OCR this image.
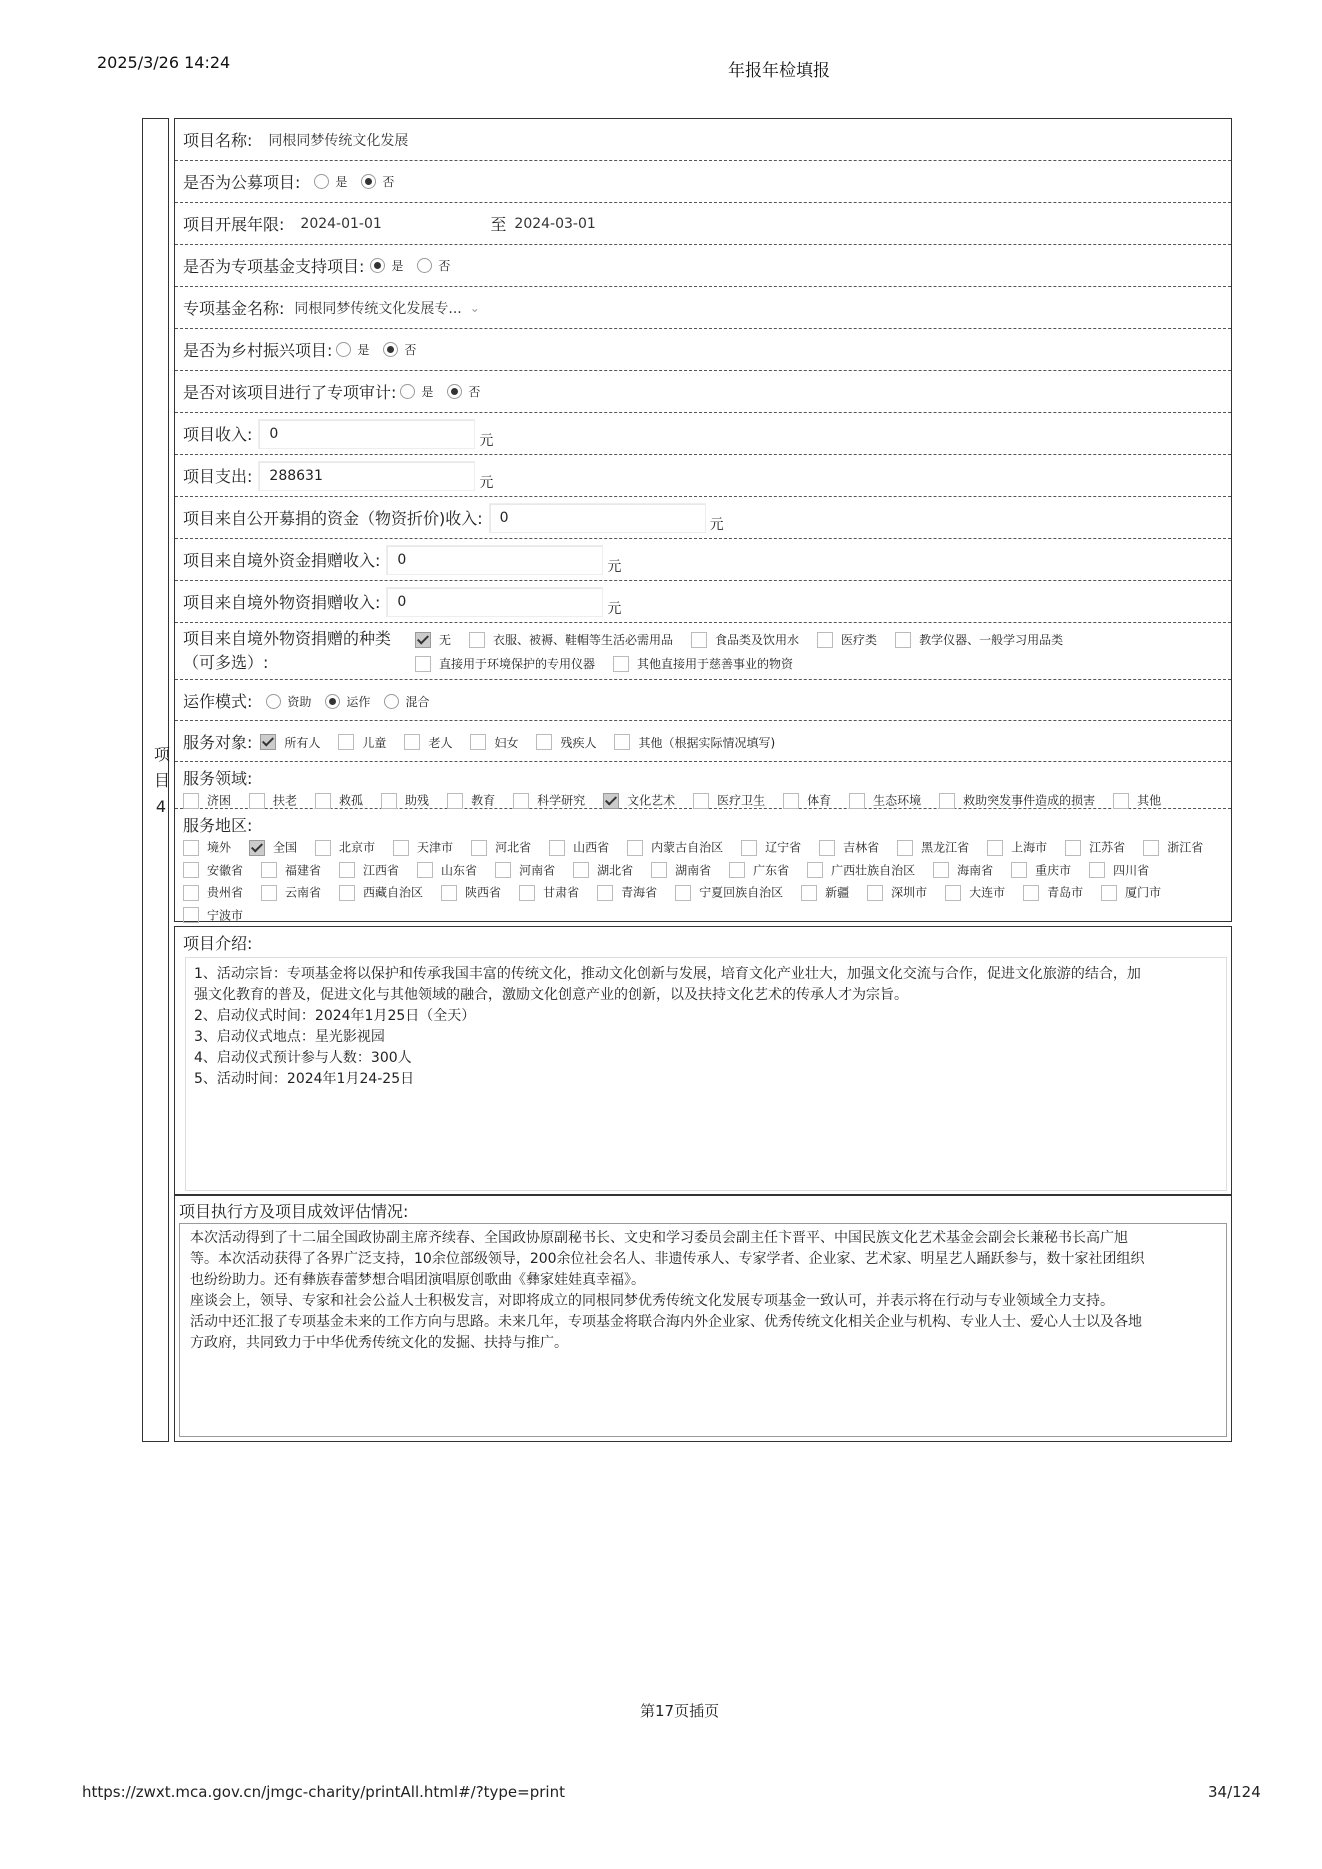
2025/3/26 14:24	年报年检填报
项目名称: 同根同梦传统文化发展
是否为公募项目:	是	否
项目开展年限: 2024-01-01	至 2024-03-01
是否为专项基金支持项目: 是	否
专项基金名称: 同根同梦传统文化发展专... ⌄
是否为乡村振兴项目: 是	否
是否对该项目进行了专项审计: 是	否
项目收入:	0	元
项目支出:	288631	元
项目来自公开募捐的资金（物资折价)收入:	0	元
项目来自境外资金捐赠收入:	0	元
项目来自境外物资捐赠收入:	0	元
项目来自境外物资捐赠的种类
（可多选）:
无	衣服、被褥、鞋帽等生活必需用品	食品类及饮用水	医疗类	教学仪器、一般学习用品类
直接用于环境保护的专用仪器	其他直接用于慈善事业的物资
运作模式:	资助	运作	混合
服务对象:	所有人	儿童	老人	妇女	残疾人	其他（根据实际情况填写)
服务领域:
济困	扶老	救孤	助残	教育	科学研究	文化艺术	医疗卫生	体育	生态环境	救助突发事件造成的损害	其他
服务地区:
境外	全国	北京市	天津市	河北省	山西省	内蒙古自治区	辽宁省	吉林省	黑龙江省	上海市	江苏省	浙江省
安徽省	福建省	江西省	山东省	河南省	湖北省	湖南省	广东省	广西壮族自治区	海南省	重庆市	四川省
贵州省	云南省	西藏自治区	陕西省	甘肃省	青海省	宁夏回族自治区	新疆	深圳市	大连市	青岛市	厦门市
宁波市
项目介绍:
1、活动宗旨：专项基金将以保护和传承我国丰富的传统文化，推动文化创新与发展，培育文化产业壮大，加强文化交流与合作，促进文化旅游的结合，加
强文化教育的普及，促进文化与其他领域的融合，激励文化创意产业的创新，以及扶持文化艺术的传承人才为宗旨。
2、启动仪式时间：2024年1月25日（全天）
3、启动仪式地点：星光影视园
4、启动仪式预计参与人数：300人
5、活动时间：2024年1月24-25日
项目执行方及项目成效评估情况:
本次活动得到了十二届全国政协副主席齐续春、全国政协原副秘书长、文史和学习委员会副主任卞晋平、中国民族文化艺术基金会副会长兼秘书长高广旭
等。本次活动获得了各界广泛支持，10余位部级领导，200余位社会名人、非遗传承人、专家学者、企业家、艺术家、明星艺人踊跃参与，数十家社团组织
也纷纷助力。还有彝族春蕾梦想合唱团演唱原创歌曲《彝家娃娃真幸福》。
座谈会上，领导、专家和社会公益人士积极发言，对即将成立的同根同梦优秀传统文化发展专项基金一致认可，并表示将在行动与专业领域全力支持。
活动中还汇报了专项基金未来的工作方向与思路。未来几年，专项基金将联合海内外企业家、优秀传统文化相关企业与机构、专业人士、爱心人士以及各地
方政府，共同致力于中华优秀传统文化的发掘、扶持与推广。
项
目
4
第17页插页
https://zwxt.mca.gov.cn/jmgc-charity/printAll.html#/?type=print	34/124
